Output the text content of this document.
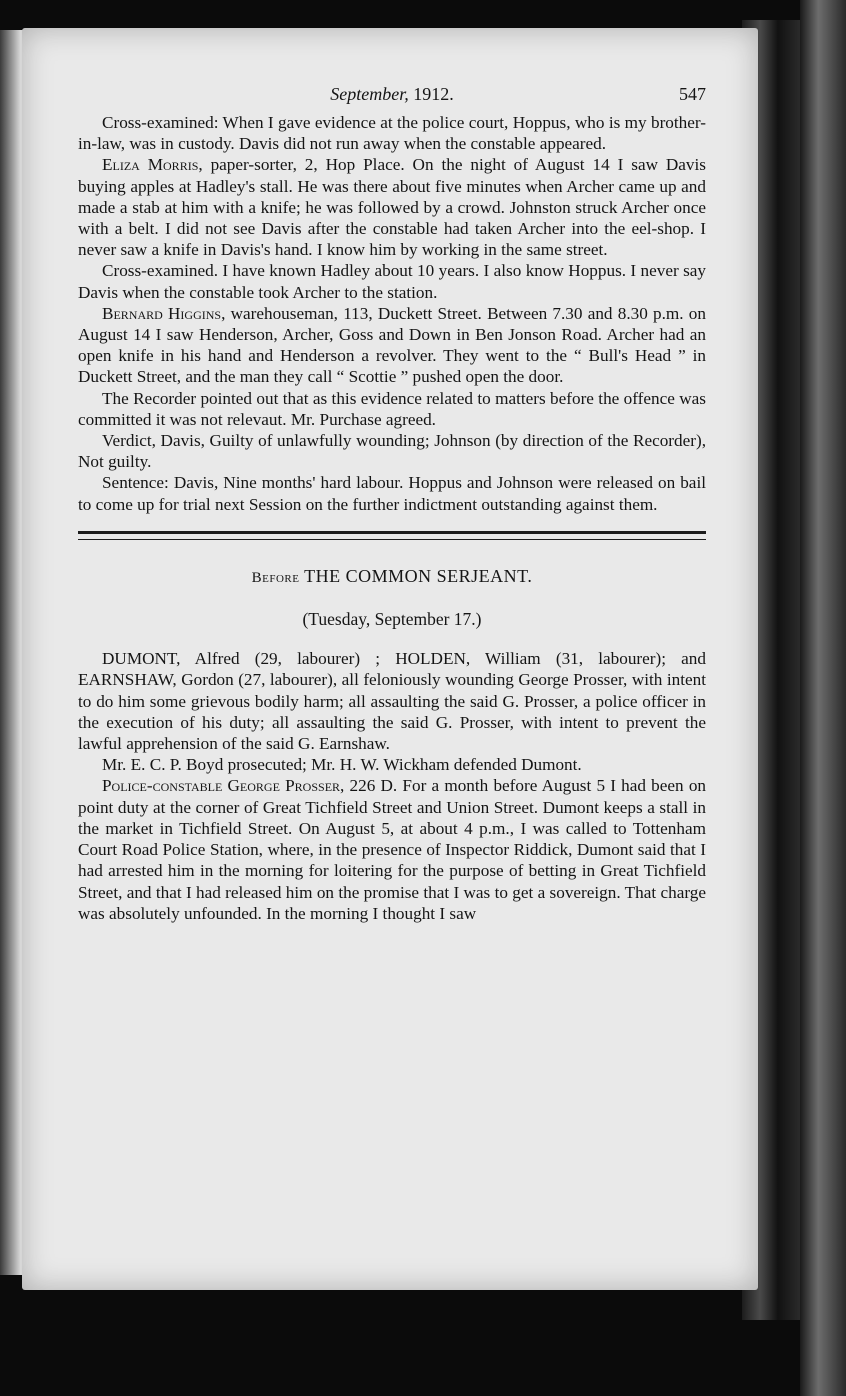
September, 1912.	547

Cross-examined: When I gave evidence at the police court, Hoppus, who is my brother-in-law, was in custody. Davis did not run away when the constable appeared.

Eliza Morris, paper-sorter, 2, Hop Place. On the night of August 14 I saw Davis buying apples at Hadley's stall. He was there about five minutes when Archer came up and made a stab at him with a knife; he was followed by a crowd. Johnston struck Archer once with a belt. I did not see Davis after the constable had taken Archer into the eel-shop. I never saw a knife in Davis's hand. I know him by working in the same street.

Cross-examined. I have known Hadley about 10 years. I also know Hoppus. I never say Davis when the constable took Archer to the station.

Bernard Higgins, warehouseman, 113, Duckett Street. Between 7.30 and 8.30 p.m. on August 14 I saw Henderson, Archer, Goss and Down in Ben Jonson Road. Archer had an open knife in his hand and Henderson a revolver. They went to the “ Bull's Head ” in Duckett Street, and the man they call “ Scottie ” pushed open the door.

The Recorder pointed out that as this evidence related to matters before the offence was committed it was not relevaut. Mr. Purchase agreed.

Verdict, Davis, Guilty of unlawfully wounding; Johnson (by direction of the Recorder), Not guilty.

Sentence: Davis, Nine months' hard labour. Hoppus and Johnson were released on bail to come up for trial next Session on the further indictment outstanding against them.

Before THE COMMON SERJEANT.
(Tuesday, September 17.)

DUMONT, Alfred (29, labourer) ; HOLDEN, William (31, labourer); and EARNSHAW, Gordon (27, labourer), all feloniously wounding George Prosser, with intent to do him some grievous bodily harm; all assaulting the said G. Prosser, a police officer in the execution of his duty; all assaulting the said G. Prosser, with intent to prevent the lawful apprehension of the said G. Earnshaw.

Mr. E. C. P. Boyd prosecuted; Mr. H. W. Wickham defended Dumont.

Police-constable George Prosser, 226 D. For a month before August 5 I had been on point duty at the corner of Great Tichfield Street and Union Street. Dumont keeps a stall in the market in Tichfield Street. On August 5, at about 4 p.m., I was called to Tottenham Court Road Police Station, where, in the presence of Inspector Riddick, Dumont said that I had arrested him in the morning for loitering for the purpose of betting in Great Tichfield Street, and that I had released him on the promise that I was to get a sovereign. That charge was absolutely unfounded. In the morning I thought I saw
